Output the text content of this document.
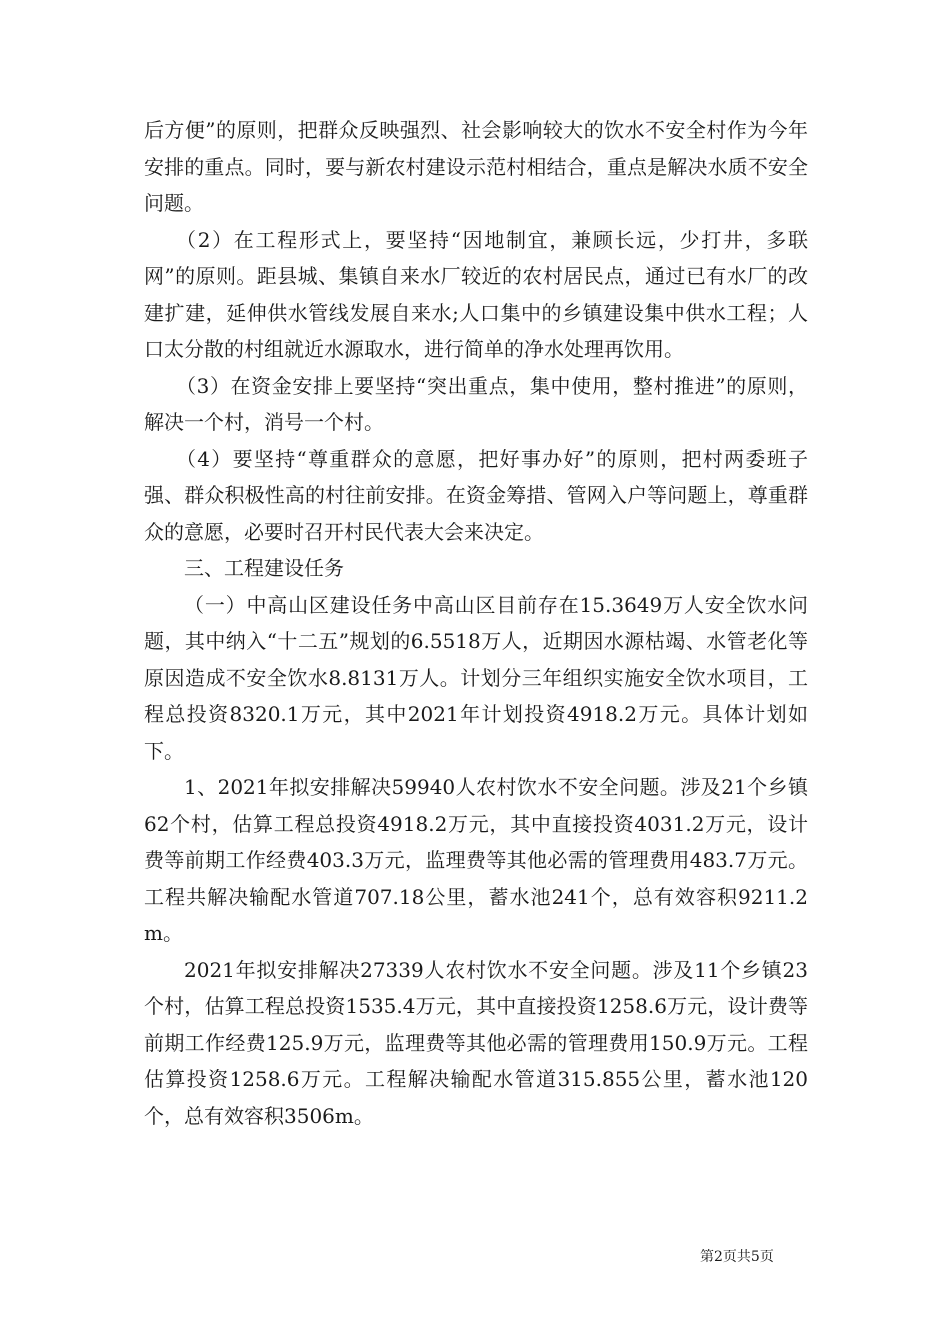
后方便”的原则，把群众反映强烈、社会影响较大的饮水不安全村作为今年安排的重点。同时，要与新农村建设示范村相结合，重点是解决水质不安全问题。

（2）在工程形式上，要坚持“因地制宜，兼顾长远，少打井，多联网”的原则。距县城、集镇自来水厂较近的农村居民点，通过已有水厂的改建扩建，延伸供水管线发展自来水;人口集中的乡镇建设集中供水工程；人口太分散的村组就近水源取水，进行简单的净水处理再饮用。

（3）在资金安排上要坚持“突出重点，集中使用，整村推进”的原则，解决一个村，消号一个村。

（4）要坚持“尊重群众的意愿，把好事办好”的原则，把村两委班子强、群众积极性高的村往前安排。在资金筹措、管网入户等问题上，尊重群众的意愿，必要时召开村民代表大会来决定。

三、工程建设任务

（一）中高山区建设任务中高山区目前存在15.3649万人安全饮水问题，其中纳入“十二五”规划的6.5518万人，近期因水源枯竭、水管老化等原因造成不安全饮水8.8131万人。计划分三年组织实施安全饮水项目，工程总投资8320.1万元，其中2021年计划投资4918.2万元。具体计划如下。

1、2021年拟安排解决59940人农村饮水不安全问题。涉及21个乡镇62个村，估算工程总投资4918.2万元，其中直接投资4031.2万元，设计费等前期工作经费403.3万元，监理费等其他必需的管理费用483.7万元。工程共解决输配水管道707.18公里，蓄水池241个，总有效容积9211.2m。

2021年拟安排解决27339人农村饮水不安全问题。涉及11个乡镇23个村，估算工程总投资1535.4万元，其中直接投资1258.6万元，设计费等前期工作经费125.9万元，监理费等其他必需的管理费用150.9万元。工程估算投资1258.6万元。工程解决输配水管道315.855公里，蓄水池120个，总有效容积3506m。

第2页共5页
